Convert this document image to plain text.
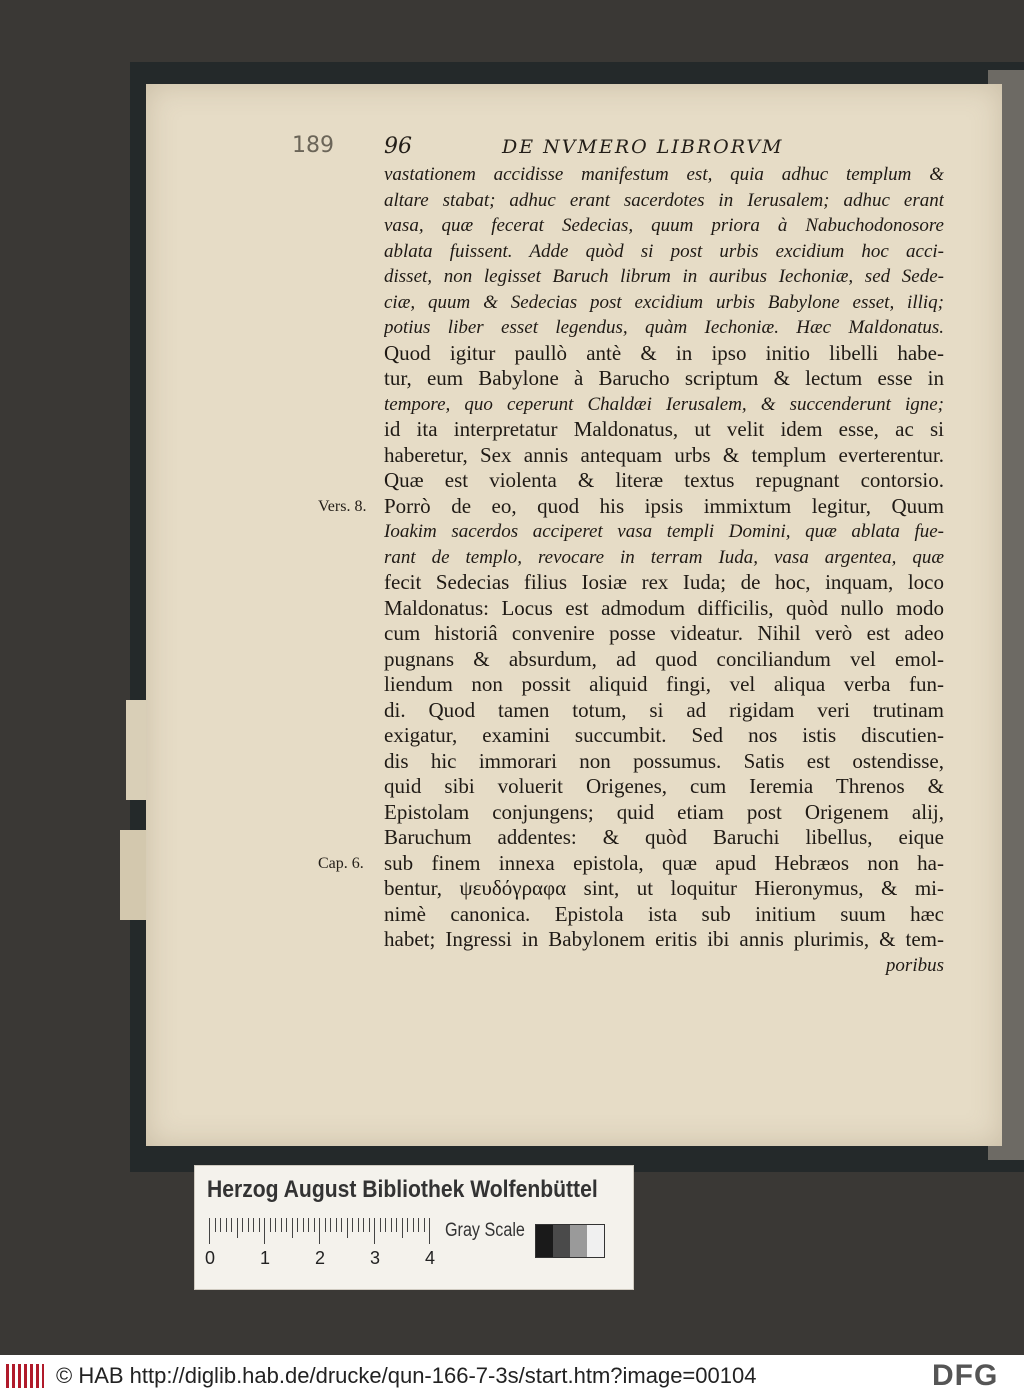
189 96	DE NVMERO LIBRORVM
vastationem accidisse manifestum est, quia adhuc templum &
altare stabat; adhuc erant sacerdotes in Ierusalem; adhuc erant
vasa, quæ fecerat Sedecias, quum priora à Nabuchodonosore
ablata fuissent. Adde quòd si post urbis excidium hoc acci-
disset, non legisset Baruch librum in auribus Iechoniæ, sed Sede-
ciæ, quum & Sedecias post excidium urbis Babylone esset, illiq;
potius liber esset legendus, quàm Iechoniæ. Hæc Maldonatus.
Quod igitur paullò antè & in ipso initio libelli habe-
tur, eum Babylone à Barucho scriptum & lectum esse in
tempore, quo ceperunt Chaldæi Ierusalem, & succenderunt igne;
id ita interpretatur Maldonatus, ut velit idem esse, ac si
haberetur, Sex annis antequam urbs & templum everterentur.
Quæ est violenta & literæ textus repugnant contorsio.
Porrò de eo, quod his ipsis immixtum legitur, Quum
Ioakim sacerdos acciperet vasa templi Domini, quæ ablata fue-
rant de templo, revocare in terram Iuda, vasa argentea, quæ
fecit Sedecias filius Iosiæ rex Iuda; de hoc, inquam, loco
Maldonatus: Locus est admodum difficilis, quòd nullo modo
cum historiâ convenire posse videatur. Nihil verò est adeo
pugnans & absurdum, ad quod conciliandum vel emol-
liendum non possit aliquid fingi, vel aliqua verba fun-
di. Quod tamen totum, si ad rigidam veri trutinam
exigatur, examini succumbit. Sed nos istis discutien-
dis hic immorari non possumus. Satis est ostendisse,
quid sibi voluerit Origenes, cum Ieremia Threnos &
Epistolam conjungens; quid etiam post Origenem alij,
Baruchum addentes: & quòd Baruchi libellus, eique
sub finem innexa epistola, quæ apud Hebræos non ha-
bentur, ψευδόγραφα sint, ut loquitur Hieronymus, & mi-
nimè canonica. Epistola ista sub initium suum hæc
habet; Ingressi in Babylonem eritis ibi annis plurimis, & tem-
poribus
Vers. 8.
Cap. 6.
Herzog August Bibliothek Wolfenbüttel
0 1 2 3 4
Gray Scale
© HAB http://diglib.hab.de/drucke/qun-166-7-3s/start.htm?image=00104	DFG
